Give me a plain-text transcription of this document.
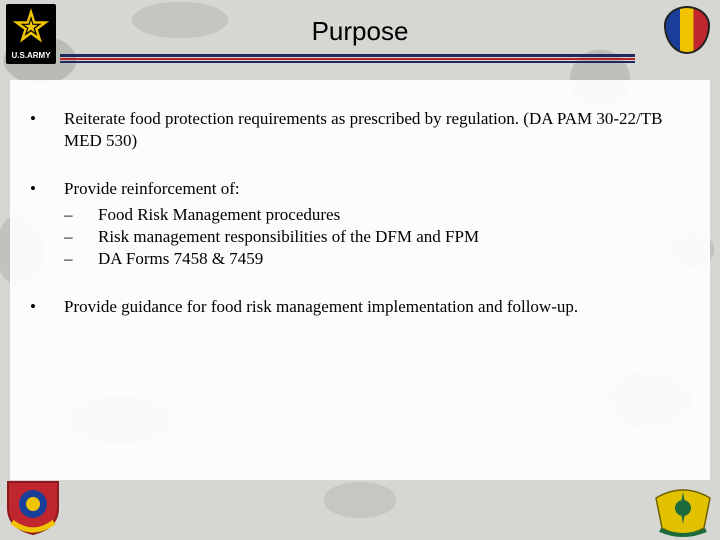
U.S.ARMY
Purpose
•	Reiterate food protection requirements as prescribed by regulation. (DA PAM 30-22/TB MED 530)
•	Provide reinforcement of:
– Food Risk Management procedures
– Risk management responsibilities of the DFM and FPM
– DA Forms 7458 & 7459
•	Provide guidance for food risk management implementation and follow-up.
